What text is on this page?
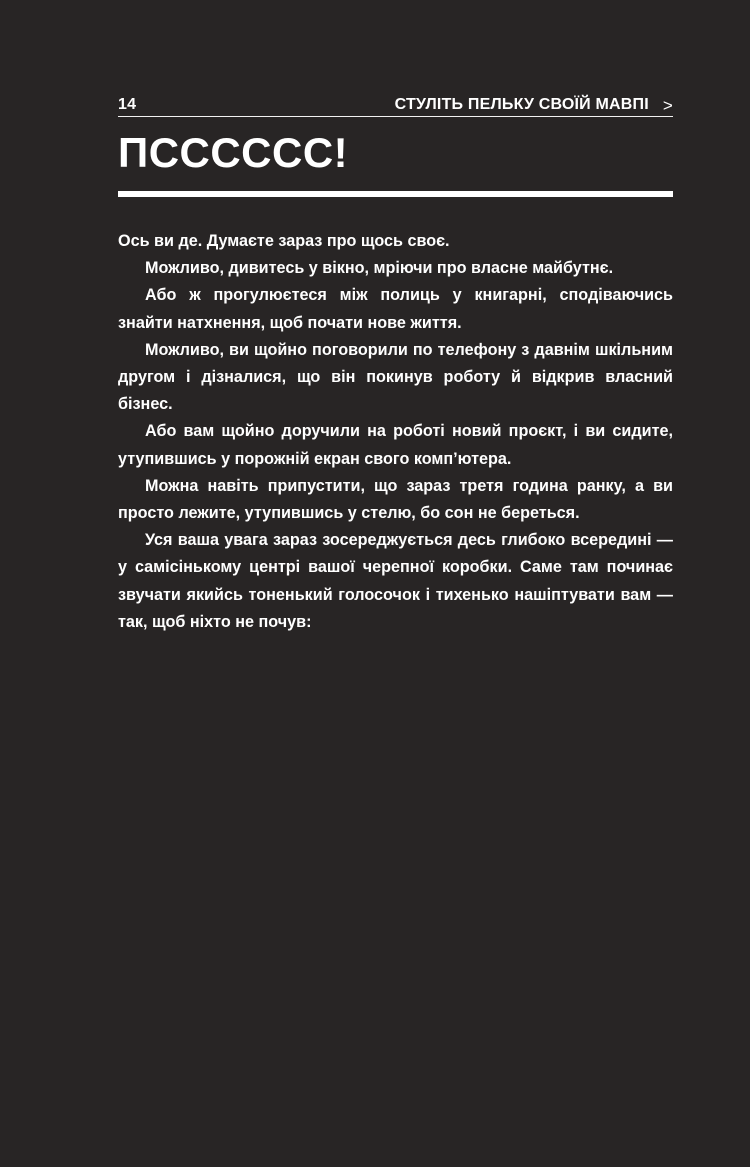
14	СТУЛІТЬ ПЕЛЬКУ СВОЇЙ МАВПІ >
ПСССССС!

Ось ви де. Думаєте зараз про щось своє.

Можливо, дивитесь у вікно, мріючи про власне майбутнє.

Або ж прогулюєтеся між полиць у книгарні, сподіваючись знайти натхнення, щоб почати нове життя.

Можливо, ви щойно поговорили по телефону з давнім шкільним другом і дізналися, що він покинув роботу й відкрив власний бізнес.

Або вам щойно доручили на роботі новий проєкт, і ви сидите, утупившись у порожній екран свого комп’ютера.

Можна навіть припустити, що зараз третя година ранку, а ви просто лежите, утупившись у стелю, бо сон не береться.

Уся ваша увага зараз зосереджується десь глибоко всередині — у самісінькому центрі вашої черепної коробки. Саме там починає звучати якийсь тоненький голосочок і тихенько нашіптувати вам — так, щоб ніхто не почув:
